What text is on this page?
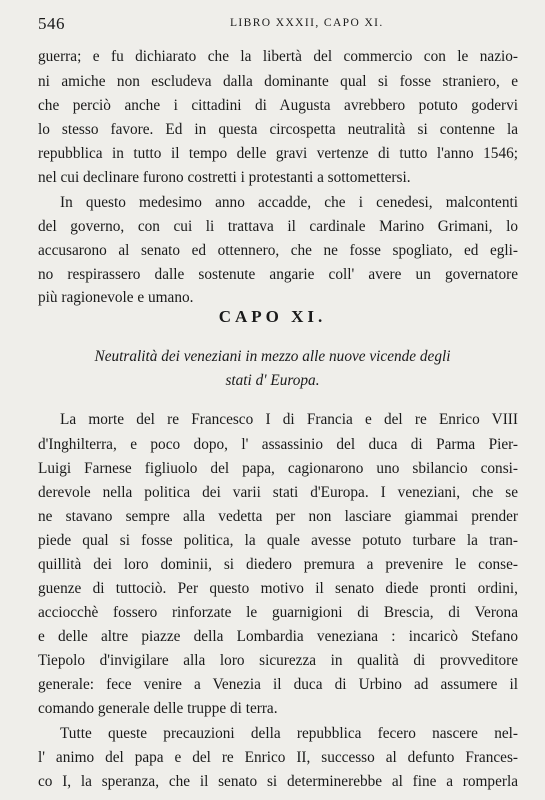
546	LIBRO XXXII, CAPO XI.
guerra; e fu dichiarato che la libertà del commercio con le nazio-
ni amiche non escludeva dalla dominante qual si fosse straniero, e
che perciò anche i cittadini di Augusta avrebbero potuto godervi
lo stesso favore. Ed in questa circospetta neutralità si contenne la
repubblica in tutto il tempo delle gravi vertenze di tutto l'anno 1546;
nel cui declinare furono costretti i protestanti a sottomettersi.
In questo medesimo anno accadde, che i cenedesi, malcontenti
del governo, con cui li trattava il cardinale Marino Grimani, lo
accusarono al senato ed ottennero, che ne fosse spogliato, ed egli-
no respirassero dalle sostenute angarie coll' avere un governatore
più ragionevole e umano.
CAPO XI.
Neutralità dei veneziani in mezzo alle nuove vicende degli
stati d' Europa.
La morte del re Francesco I di Francia e del re Enrico VIII
d'Inghilterra, e poco dopo, l' assassinio del duca di Parma Pier-
Luigi Farnese figliuolo del papa, cagionarono uno sbilancio consi-
derevole nella politica dei varii stati d'Europa. I veneziani, che se
ne stavano sempre alla vedetta per non lasciare giammai prender
piede qual si fosse politica, la quale avesse potuto turbare la tran-
quillità dei loro dominii, si diedero premura a prevenire le conse-
guenze di tuttociò. Per questo motivo il senato diede pronti ordini,
acciocchè fossero rinforzate le guarnigioni di Brescia, di Verona
e delle altre piazze della Lombardia veneziana : incaricò Stefano
Tiepolo d'invigilare alla loro sicurezza in qualità di provveditore
generale: fece venire a Venezia il duca di Urbino ad assumere il
comando generale delle truppe di terra.
Tutte queste precauzioni della repubblica fecero nascere nel-
l' animo del papa e del re Enrico II, successo al defunto Frances-
co I, la speranza, che il senato si determinerebbe al fine a romperla
